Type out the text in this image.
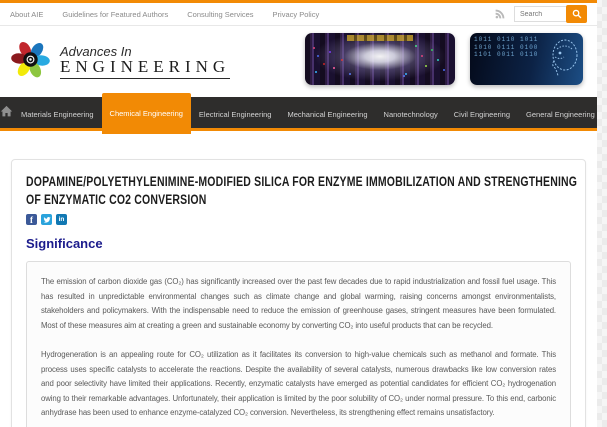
About AIE	Guidelines for Featured Authors	Consulting Services	Privacy Policy
Search
Advances In
ENGINEERING
1011 0110 1011 1010 0111 0100 1101 0011 0110
Materials Engineering	Chemical Engineering	Electrical Engineering	Mechanical Engineering	Nanotechnology	Civil Engineering	General Engineering
DOPAMINE/POLYETHYLENIMINE-MODIFIED SILICA FOR ENZYME IMMOBILIZATION AND STRENGTHENING OF ENZYMATIC CO2 CONVERSION
f	in
Significance

The emission of carbon dioxide gas (CO₂) has significantly increased over the past few decades due to rapid industrialization and fossil fuel usage. This has resulted in unpredictable environmental changes such as climate change and global warming, raising concerns amongst environmentalists, stakeholders and policymakers. With the indispensable need to reduce the emission of greenhouse gases, stringent measures have been formulated. Most of these measures aim at creating a green and sustainable economy by converting CO₂ into useful products that can be recycled.

Hydrogeneration is an appealing route for CO₂ utilization as it facilitates its conversion to high-value chemicals such as methanol and formate. This process uses specific catalysts to accelerate the reactions. Despite the availability of several catalysts, numerous drawbacks like low conversion rates and poor selectivity have limited their applications. Recently, enzymatic catalysts have emerged as potential candidates for efficient CO₂ hydrogenation owing to their remarkable advantages. Unfortunately, their application is limited by the poor solubility of CO₂ under normal pressure. To this end, carbonic anhydrase has been used to enhance enzyme-catalyzed CO₂ conversion. Nevertheless, its strengthening effect remains unsatisfactory.
